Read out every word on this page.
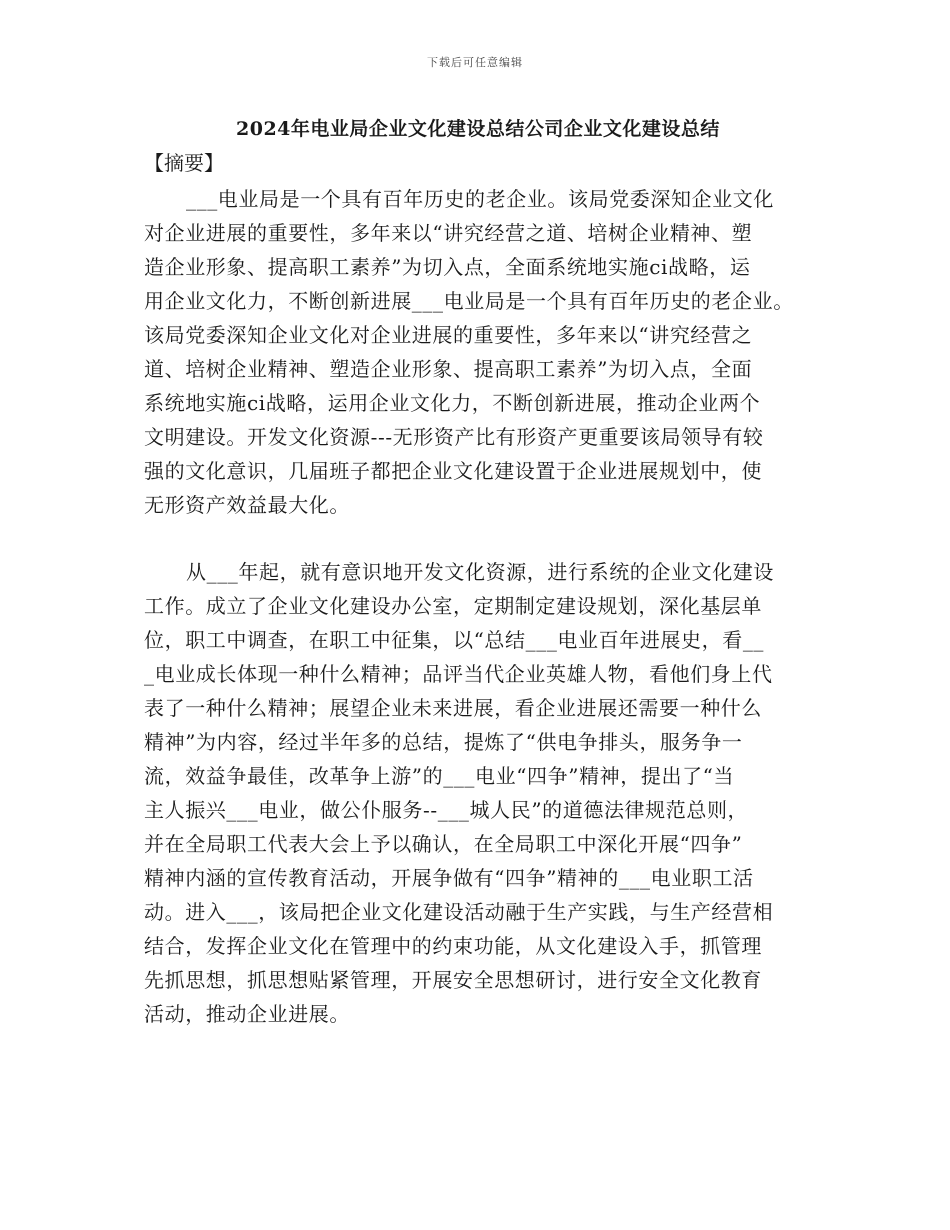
下载后可任意编辑
2024年电业局企业文化建设总结公司企业文化建设总结
【摘要】
___电业局是一个具有百年历史的老企业。该局党委深知企业文化
对企业进展的重要性，多年来以“讲究经营之道、培树企业精神、塑
造企业形象、提高职工素养”为切入点，全面系统地实施ci战略，运
用企业文化力，不断创新进展___电业局是一个具有百年历史的老企业。
该局党委深知企业文化对企业进展的重要性，多年来以“讲究经营之
道、培树企业精神、塑造企业形象、提高职工素养”为切入点，全面
系统地实施ci战略，运用企业文化力，不断创新进展，推动企业两个
文明建设。开发文化资源---无形资产比有形资产更重要该局领导有较
强的文化意识，几届班子都把企业文化建设置于企业进展规划中，使
无形资产效益最大化。
从___年起，就有意识地开发文化资源，进行系统的企业文化建设
工作。成立了企业文化建设办公室，定期制定建设规划，深化基层单
位，职工中调查，在职工中征集，以“总结___电业百年进展史，看__
_电业成长体现一种什么精神；品评当代企业英雄人物，看他们身上代
表了一种什么精神；展望企业未来进展，看企业进展还需要一种什么
精神”为内容，经过半年多的总结，提炼了“供电争排头，服务争一
流，效益争最佳，改革争上游”的___电业“四争”精神，提出了“当
主人振兴___电业，做公仆服务--___城人民”的道德法律规范总则，
并在全局职工代表大会上予以确认，在全局职工中深化开展“四争”
精神内涵的宣传教育活动，开展争做有“四争”精神的___电业职工活
动。进入___，该局把企业文化建设活动融于生产实践，与生产经营相
结合，发挥企业文化在管理中的约束功能，从文化建设入手，抓管理
先抓思想，抓思想贴紧管理，开展安全思想研讨，进行安全文化教育
活动，推动企业进展。
